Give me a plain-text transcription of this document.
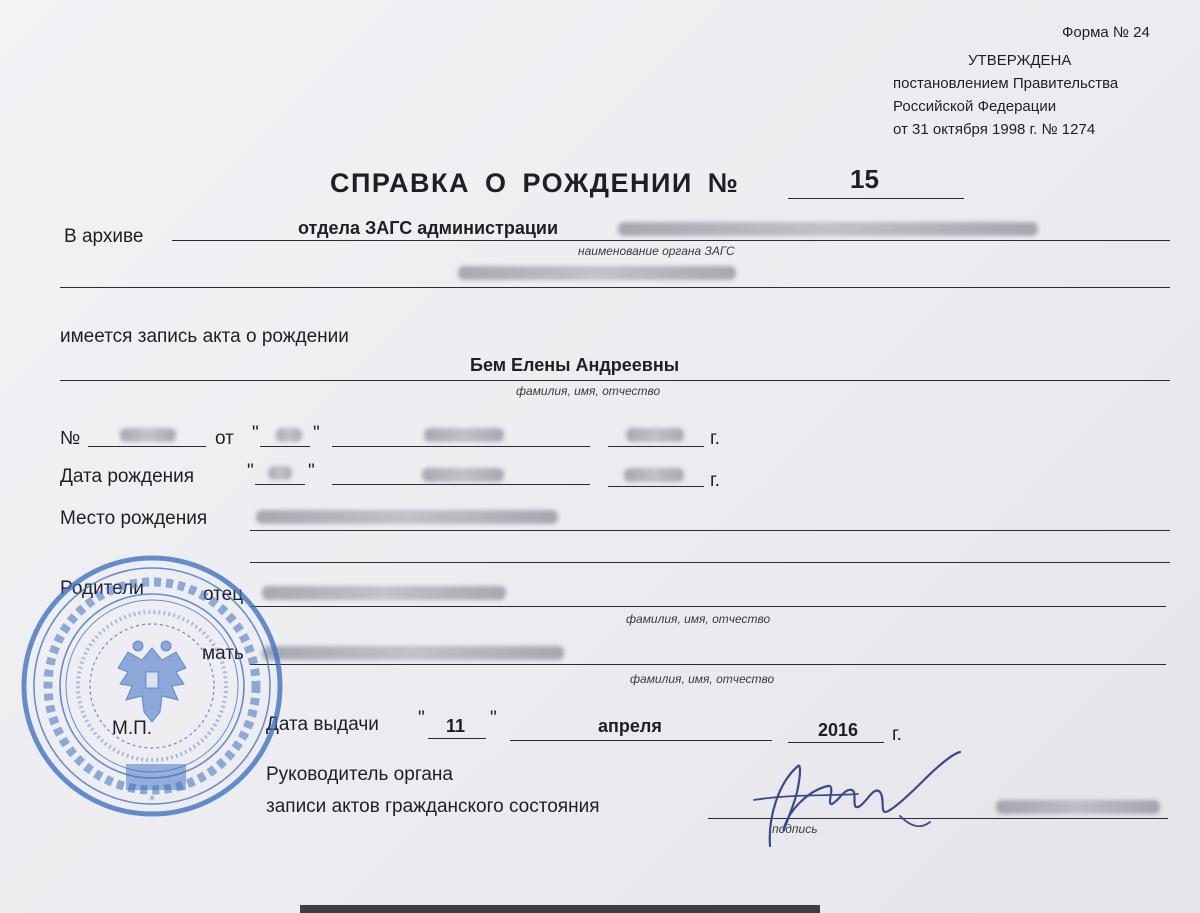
Форма № 24
УТВЕРЖДЕНА
постановлением Правительства
Российской Федерации
от 31 октября 1998 г. № 1274
СПРАВКА О РОЖДЕНИИ №	15
В архиве	отдела ЗАГС администрации
наименование органа ЗАГС
имеется запись акта о рождении
Бем Елены Андреевны
фамилия, имя, отчество
№	от "	"	г.
Дата рождения	"	"	г.
Место рождения
Родители	отец
фамилия, имя, отчество
мать
фамилия, имя, отчество
Дата выдачи " 11 "	апреля	2016 г.
М.П.
*
Руководитель органа
записи актов гражданского состояния
подпись
